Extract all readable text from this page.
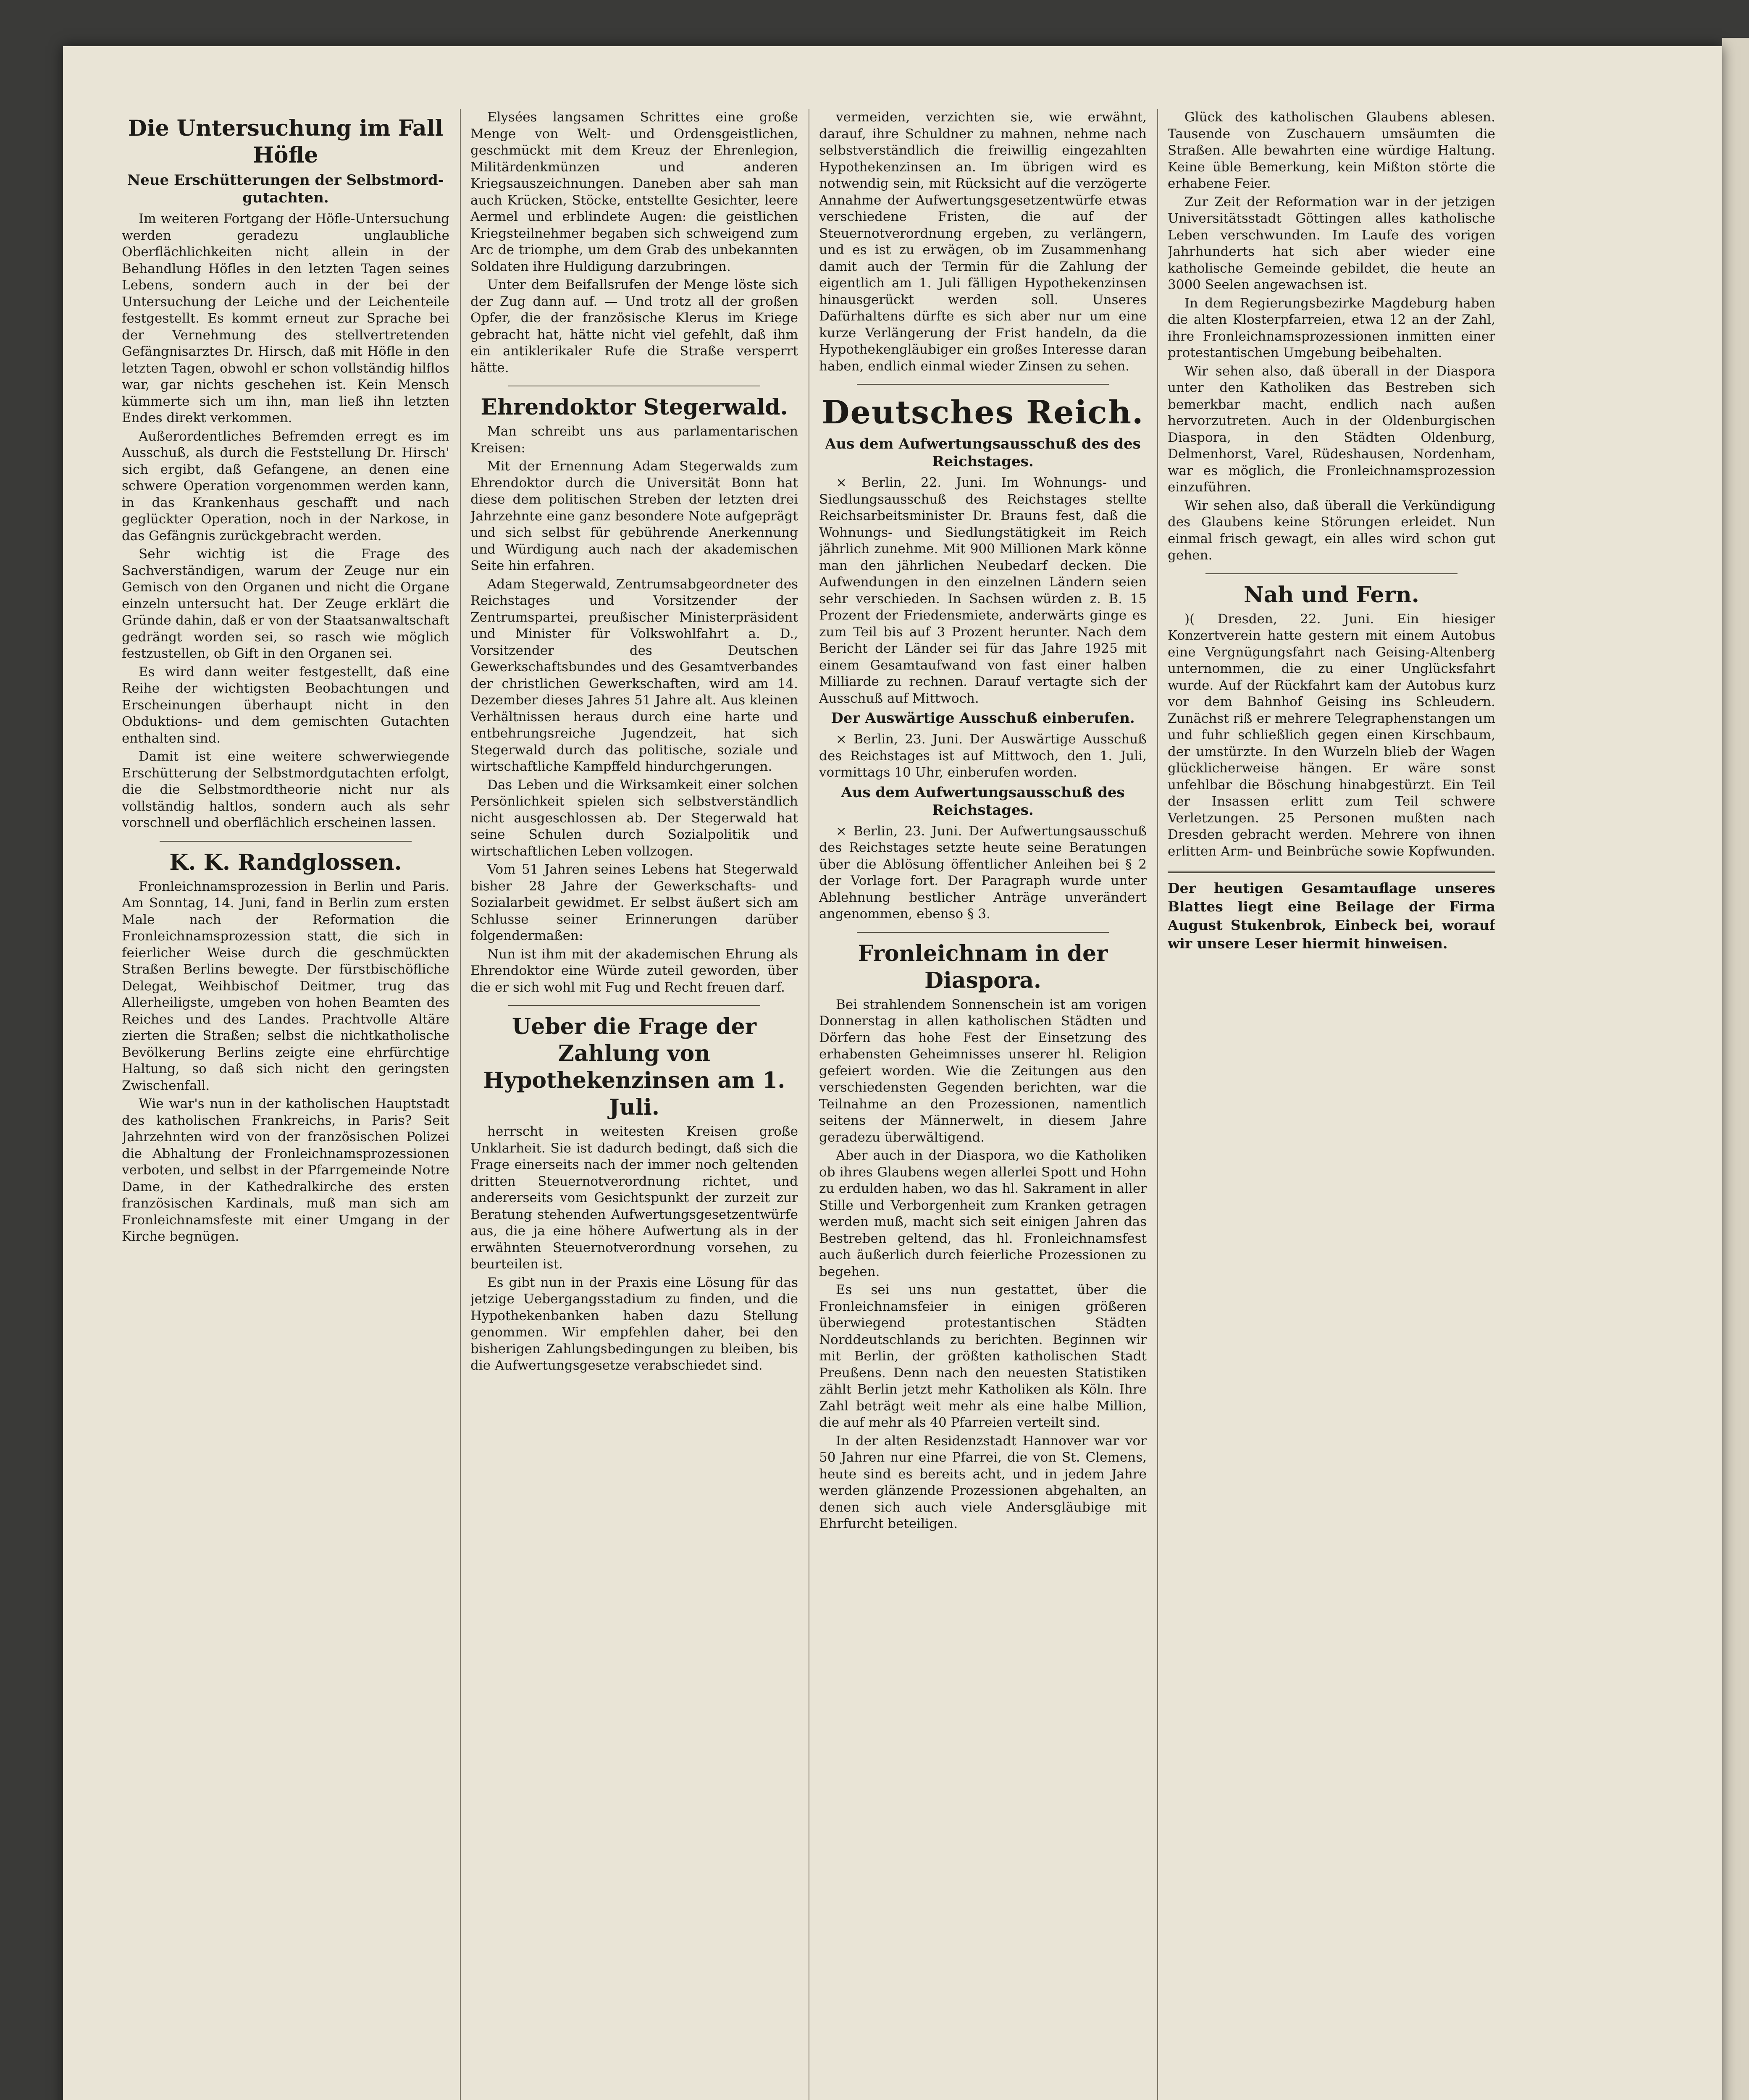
Die Untersuchung im Fall Höfle
Neue Erschütterungen der Selbstmord-gutachten.

Im weiteren Fortgang der Höfle-Untersuchung werden geradezu unglaubliche Oberflächlichkeiten nicht allein in der Behandlung Höfles in den letzten Tagen seines Lebens, sondern auch in der bei der Untersuchung der Leiche und der Leichenteile festgestellt. Es kommt erneut zur Sprache bei der Vernehmung des stellvertretenden Gefängnisarztes Dr. Hirsch, daß mit Höfle in den letzten Tagen, obwohl er schon vollständig hilflos war, gar nichts geschehen ist. Kein Mensch kümmerte sich um ihn, man ließ ihn letzten Endes direkt verkommen.

Außerordentliches Befremden erregt es im Ausschuß, als durch die Feststellung Dr. Hirsch' sich ergibt, daß Gefangene, an denen eine schwere Operation vorgenommen werden kann, in das Krankenhaus geschafft und nach geglückter Operation, noch in der Narkose, in das Gefängnis zurückgebracht werden.

Sehr wichtig ist die Frage des Sachverständigen, warum der Zeuge nur ein Gemisch von den Organen und nicht die Organe einzeln untersucht hat. Der Zeuge erklärt die Gründe dahin, daß er von der Staatsanwaltschaft gedrängt worden sei, so rasch wie möglich festzustellen, ob Gift in den Organen sei.

Es wird dann weiter festgestellt, daß eine Reihe der wichtigsten Beobachtungen und Erscheinungen überhaupt nicht in den Obduktions- und dem gemischten Gutachten enthalten sind.

Damit ist eine weitere schwerwiegende Erschütterung der Selbstmordgutachten erfolgt, die die Selbstmordtheorie nicht nur als vollständig haltlos, sondern auch als sehr vorschnell und oberflächlich erscheinen lassen.

K. K. Randglossen.

Fronleichnamsprozession in Berlin und Paris. Am Sonntag, 14. Juni, fand in Berlin zum ersten Male nach der Reformation die Fronleichnamsprozession statt, die sich in feierlicher Weise durch die geschmückten Straßen Berlins bewegte. Der fürstbischöfliche Delegat, Weihbischof Deitmer, trug das Allerheiligste, umgeben von hohen Beamten des Reiches und des Landes. Prachtvolle Altäre zierten die Straßen; selbst die nichtkatholische Bevölkerung Berlins zeigte eine ehrfürchtige Haltung, so daß sich nicht den geringsten Zwischenfall.

Wie war's nun in der katholischen Hauptstadt des katholischen Frankreichs, in Paris? Seit Jahrzehnten wird von der französischen Polizei die Abhaltung der Fronleichnamsprozessionen verboten, und selbst in der Pfarrgemeinde Notre Dame, in der Kathedralkirche des ersten französischen Kardinals, muß man sich am Fronleichnamsfeste mit einer Umgang in der Kirche begnügen.

Elysées langsamen Schrittes eine große Menge von Welt- und Ordensgeistlichen, geschmückt mit dem Kreuz der Ehrenlegion, Militärdenkmünzen und anderen Kriegsauszeichnungen. Daneben aber sah man auch Krücken, Stöcke, entstellte Gesichter, leere Aermel und erblindete Augen: die geistlichen Kriegsteilnehmer begaben sich schweigend zum Arc de triomphe, um dem Grab des unbekannten Soldaten ihre Huldigung darzubringen.

Unter dem Beifallsrufen der Menge löste sich der Zug dann auf. — Und trotz all der großen Opfer, die der französische Klerus im Kriege gebracht hat, hätte nicht viel gefehlt, daß ihm ein antiklerikaler Rufe die Straße versperrt hätte.

Ehrendoktor Stegerwald.

Man schreibt uns aus parlamentarischen Kreisen:

Mit der Ernennung Adam Stegerwalds zum Ehrendoktor durch die Universität Bonn hat diese dem politischen Streben der letzten drei Jahrzehnte eine ganz besondere Note aufgeprägt und sich selbst für gebührende Anerkennung und Würdigung auch nach der akademischen Seite hin erfahren.

Adam Stegerwald, Zentrumsabgeordneter des Reichstages und Vorsitzender der Zentrumspartei, preußischer Ministerpräsident und Minister für Volkswohlfahrt a. D., Vorsitzender des Deutschen Gewerkschaftsbundes und des Gesamtverbandes der christlichen Gewerkschaften, wird am 14. Dezember dieses Jahres 51 Jahre alt. Aus kleinen Verhältnissen heraus durch eine harte und entbehrungsreiche Jugendzeit, hat sich Stegerwald durch das politische, soziale und wirtschaftliche Kampffeld hindurchgerungen.

Das Leben und die Wirksamkeit einer solchen Persönlichkeit spielen sich selbstverständlich nicht ausgeschlossen ab. Der Stegerwald hat seine Schulen durch Sozialpolitik und wirtschaftlichen Leben vollzogen.

Vom 51 Jahren seines Lebens hat Stegerwald bisher 28 Jahre der Gewerkschafts- und Sozialarbeit gewidmet. Er selbst äußert sich am Schlusse seiner Erinnerungen darüber folgendermaßen:

Nun ist ihm mit der akademischen Ehrung als Ehrendoktor eine Würde zuteil geworden, über die er sich wohl mit Fug und Recht freuen darf.

Ueber die Frage der Zahlung von Hypothekenzinsen am 1. Juli.

herrscht in weitesten Kreisen große Unklarheit. Sie ist dadurch bedingt, daß sich die Frage einerseits nach der immer noch geltenden dritten Steuernotverordnung richtet, und andererseits vom Gesichtspunkt der zurzeit zur Beratung stehenden Aufwertungsgesetzentwürfe aus, die ja eine höhere Aufwertung als in der erwähnten Steuernotverordnung vorsehen, zu beurteilen ist.

Es gibt nun in der Praxis eine Lösung für das jetzige Uebergangsstadium zu finden, und die Hypothekenbanken haben dazu Stellung genommen. Wir empfehlen daher, bei den bisherigen Zahlungsbedingungen zu bleiben, bis die Aufwertungsgesetze verabschiedet sind.

vermeiden, verzichten sie, wie erwähnt, darauf, ihre Schuldner zu mahnen, nehme nach selbstverständlich die freiwillig eingezahlten Hypothekenzinsen an. Im übrigen wird es notwendig sein, mit Rücksicht auf die verzögerte Annahme der Aufwertungsgesetzentwürfe etwas verschiedene Fristen, die auf der Steuernotverordnung ergeben, zu verlängern, und es ist zu erwägen, ob im Zusammenhang damit auch der Termin für die Zahlung der eigentlich am 1. Juli fälligen Hypothekenzinsen hinausgerückt werden soll. Unseres Dafürhaltens dürfte es sich aber nur um eine kurze Verlängerung der Frist handeln, da die Hypothekengläubiger ein großes Interesse daran haben, endlich einmal wieder Zinsen zu sehen.

Deutsches Reich.
Aus dem Aufwertungsausschuß des des Reichstages.

× Berlin, 22. Juni. Im Wohnungs- und Siedlungsausschuß des Reichstages stellte Reichsarbeitsminister Dr. Brauns fest, daß die Wohnungs- und Siedlungstätigkeit im Reich jährlich zunehme. Mit 900 Millionen Mark könne man den jährlichen Neubedarf decken. Die Aufwendungen in den einzelnen Ländern seien sehr verschieden. In Sachsen würden z. B. 15 Prozent der Friedensmiete, anderwärts ginge es zum Teil bis auf 3 Prozent herunter. Nach dem Bericht der Länder sei für das Jahre 1925 mit einem Gesamtaufwand von fast einer halben Milliarde zu rechnen. Darauf vertagte sich der Ausschuß auf Mittwoch.

Der Auswärtige Ausschuß einberufen.

× Berlin, 23. Juni. Der Auswärtige Ausschuß des Reichstages ist auf Mittwoch, den 1. Juli, vormittags 10 Uhr, einberufen worden.

Aus dem Aufwertungsausschuß des Reichstages.

× Berlin, 23. Juni. Der Aufwertungsausschuß des Reichstages setzte heute seine Beratungen über die Ablösung öffentlicher Anleihen bei § 2 der Vorlage fort. Der Paragraph wurde unter Ablehnung bestlicher Anträge unverändert angenommen, ebenso § 3.

Fronleichnam in der Diaspora.

Bei strahlendem Sonnenschein ist am vorigen Donnerstag in allen katholischen Städten und Dörfern das hohe Fest der Einsetzung des erhabensten Geheimnisses unserer hl. Religion gefeiert worden. Wie die Zeitungen aus den verschiedensten Gegenden berichten, war die Teilnahme an den Prozessionen, namentlich seitens der Männerwelt, in diesem Jahre geradezu überwältigend.

Aber auch in der Diaspora, wo die Katholiken ob ihres Glaubens wegen allerlei Spott und Hohn zu erdulden haben, wo das hl. Sakrament in aller Stille und Verborgenheit zum Kranken getragen werden muß, macht sich seit einigen Jahren das Bestreben geltend, das hl. Fronleichnamsfest auch äußerlich durch feierliche Prozessionen zu begehen.

Es sei uns nun gestattet, über die Fronleichnamsfeier in einigen größeren überwiegend protestantischen Städten Norddeutschlands zu berichten. Beginnen wir mit Berlin, der größten katholischen Stadt Preußens. Denn nach den neuesten Statistiken zählt Berlin jetzt mehr Katholiken als Köln. Ihre Zahl beträgt weit mehr als eine halbe Million, die auf mehr als 40 Pfarreien verteilt sind.

In der alten Residenzstadt Hannover war vor 50 Jahren nur eine Pfarrei, die von St. Clemens, heute sind es bereits acht, und in jedem Jahre werden glänzende Prozessionen abgehalten, an denen sich auch viele Andersgläubige mit Ehrfurcht beteiligen.

Glück des katholischen Glaubens ablesen. Tausende von Zuschauern umsäumten die Straßen. Alle bewahrten eine würdige Haltung. Keine üble Bemerkung, kein Mißton störte die erhabene Feier.

Zur Zeit der Reformation war in der jetzigen Universitätsstadt Göttingen alles katholische Leben verschwunden. Im Laufe des vorigen Jahrhunderts hat sich aber wieder eine katholische Gemeinde gebildet, die heute an 3000 Seelen angewachsen ist.

In dem Regierungsbezirke Magdeburg haben die alten Klosterpfarreien, etwa 12 an der Zahl, ihre Fronleichnamsprozessionen inmitten einer protestantischen Umgebung beibehalten.

Wir sehen also, daß überall in der Diaspora unter den Katholiken das Bestreben sich bemerkbar macht, endlich nach außen hervorzutreten. Auch in der Oldenburgischen Diaspora, in den Städten Oldenburg, Delmenhorst, Varel, Rüdeshausen, Nordenham, war es möglich, die Fronleichnamsprozession einzuführen.

Wir sehen also, daß überall die Verkündigung des Glaubens keine Störungen erleidet. Nun einmal frisch gewagt, ein alles wird schon gut gehen.

Nah und Fern.

)( Dresden, 22. Juni. Ein hiesiger Konzertverein hatte gestern mit einem Autobus eine Vergnügungsfahrt nach Geising-Altenberg unternommen, die zu einer Unglücksfahrt wurde. Auf der Rückfahrt kam der Autobus kurz vor dem Bahnhof Geising ins Schleudern. Zunächst riß er mehrere Telegraphenstangen um und fuhr schließlich gegen einen Kirschbaum, der umstürzte. In den Wurzeln blieb der Wagen glücklicherweise hängen. Er wäre sonst unfehlbar die Böschung hinabgestürzt. Ein Teil der Insassen erlitt zum Teil schwere Verletzungen. 25 Personen mußten nach Dresden gebracht werden. Mehrere von ihnen erlitten Arm- und Beinbrüche sowie Kopfwunden.

Der heutigen Gesamtauflage unseres Blattes liegt eine Beilage der Firma August Stukenbrok, Einbeck bei, worauf wir unsere Leser hiermit hinweisen.
